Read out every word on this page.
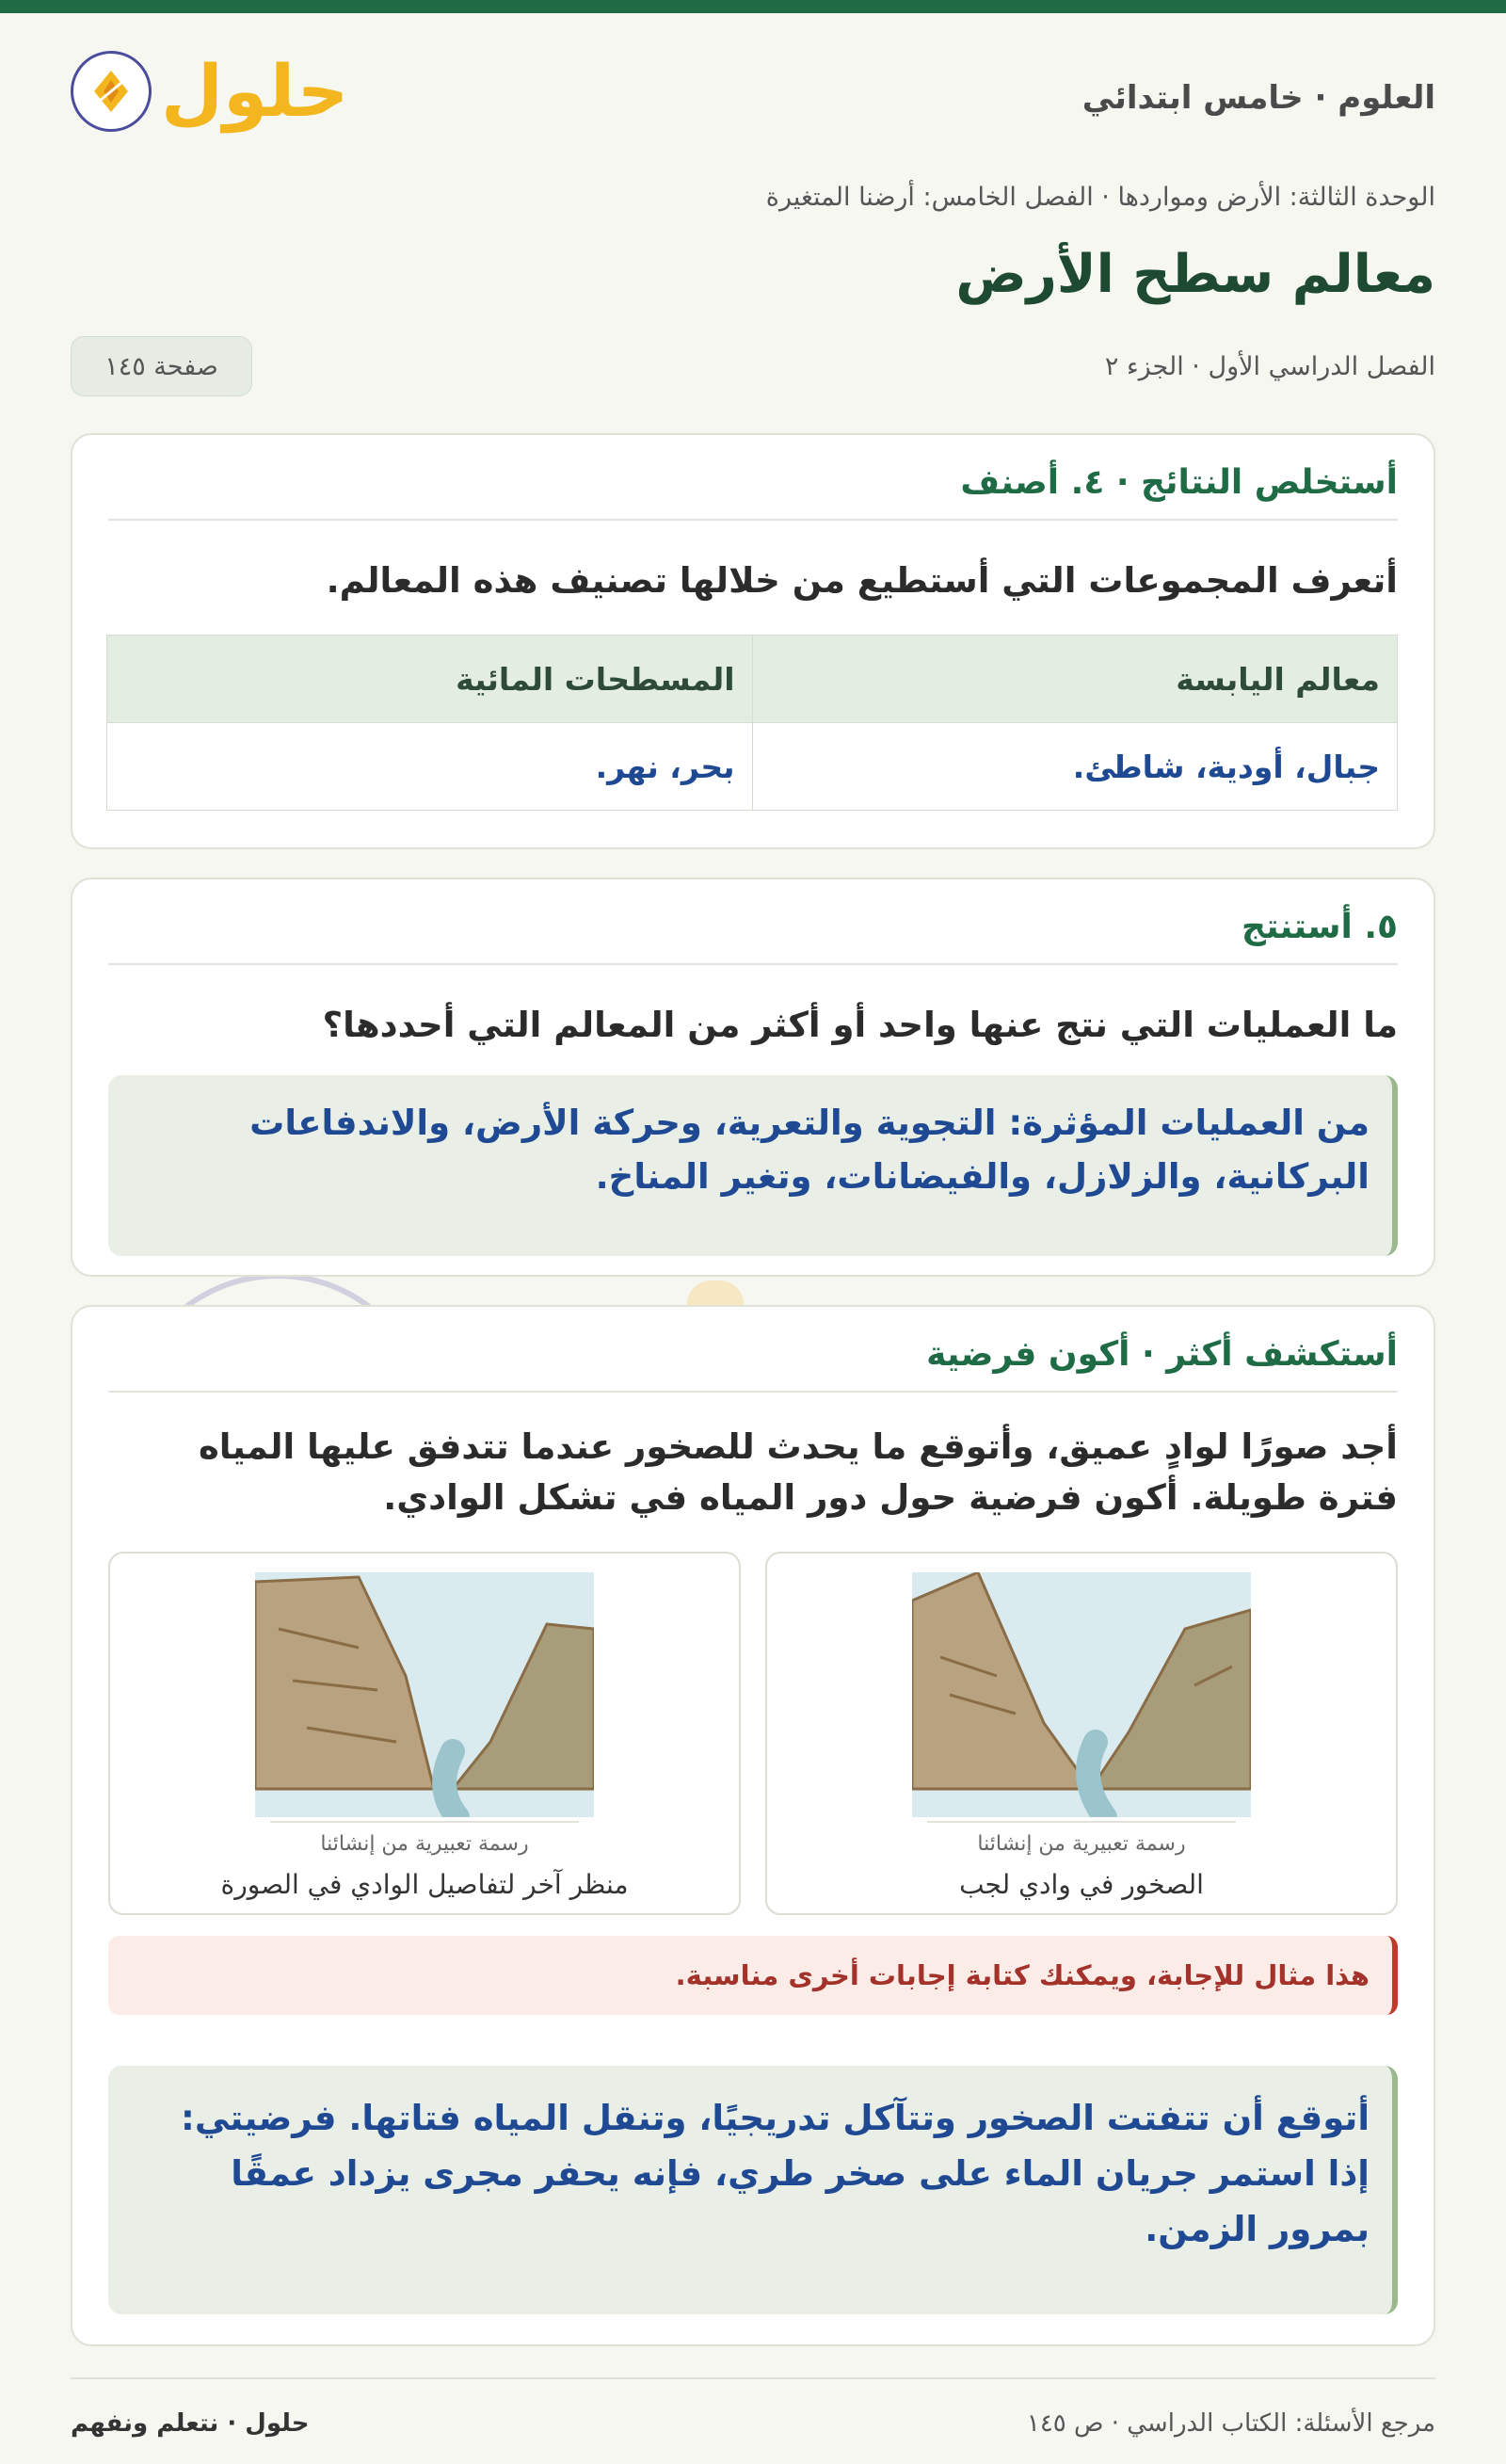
العلوم · خامس ابتدائي
حلول
الوحدة الثالثة: الأرض ومواردها · الفصل الخامس: أرضنا المتغيرة
معالم سطح الأرض
الفصل الدراسي الأول · الجزء ٢
صفحة ١٤٥
أستخلص النتائج · ٤. أصنف
أتعرف المجموعات التي أستطيع من خلالها تصنيف هذه المعالم.
معالم اليابسة	المسطحات المائية
جبال، أودية، شاطئ.	بحر، نهر.
٥. أستنتج
ما العمليات التي نتج عنها واحد أو أكثر من المعالم التي أحددها؟
من العمليات المؤثرة: التجوية والتعرية، وحركة الأرض، والاندفاعات البركانية، والزلازل، والفيضانات، وتغير المناخ.
أستكشف أكثر · أكون فرضية
أجد صورًا لوادٍ عميق، وأتوقع ما يحدث للصخور عندما تتدفق عليها المياه فترة طويلة. أكون فرضية حول دور المياه في تشكل الوادي.
رسمة تعبيرية من إنشائنا
الصخور في وادي لجب
رسمة تعبيرية من إنشائنا
منظر آخر لتفاصيل الوادي في الصورة
هذا مثال للإجابة، ويمكنك كتابة إجابات أخرى مناسبة.
أتوقع أن تتفتت الصخور وتتآكل تدريجيًا، وتنقل المياه فتاتها. فرضيتي: إذا استمر جريان الماء على صخر طري، فإنه يحفر مجرى يزداد عمقًا بمرور الزمن.
مرجع الأسئلة: الكتاب الدراسي · ص ١٤٥
حلول · نتعلم ونفهم
